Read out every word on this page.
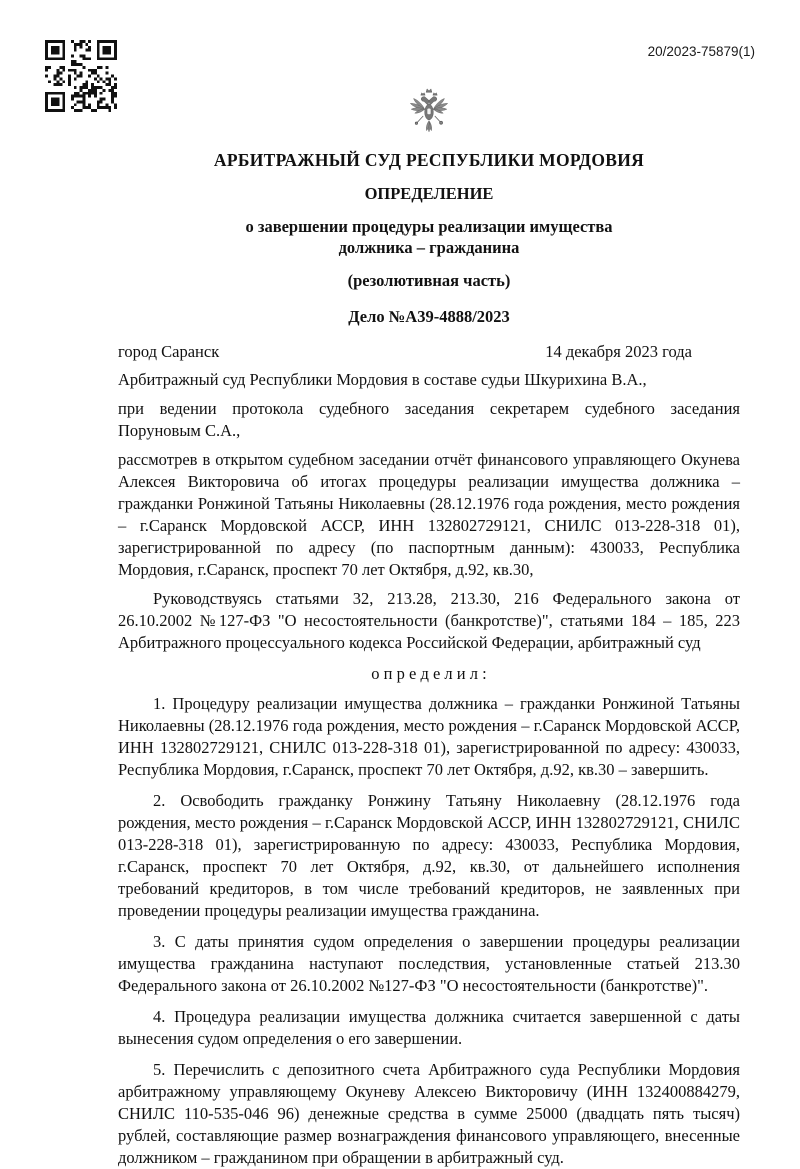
20/2023-75879(1)
АРБИТРАЖНЫЙ СУД РЕСПУБЛИКИ МОРДОВИЯ
ОПРЕДЕЛЕНИЕ
о завершении процедуры реализации имущества должника – гражданина
(резолютивная часть)
Дело №А39-4888/2023
город Саранск	14 декабря 2023 года

Арбитражный суд Республики Мордовия в составе судьи Шкурихина В.А.,

при ведении протокола судебного заседания секретарем судебного заседания Поруновым С.А.,

рассмотрев в открытом судебном заседании отчёт финансового управляющего Окунева Алексея Викторовича об итогах процедуры реализации имущества должника – гражданки Ронжиной Татьяны Николаевны (28.12.1976 года рождения, место рождения – г.Саранск Мордовской АССР, ИНН 132802729121, СНИЛС 013-228-318 01), зарегистрированной по адресу (по паспортным данным): 430033, Республика Мордовия, г.Саранск, проспект 70 лет Октября, д.92, кв.30,

Руководствуясь статьями 32, 213.28, 213.30, 216 Федерального закона от 26.10.2002 №127-ФЗ "О несостоятельности (банкротстве)", статьями 184 – 185, 223 Арбитражного процессуального кодекса Российской Федерации, арбитражный суд

о п р е д е л и л :

1. Процедуру реализации имущества должника – гражданки Ронжиной Татьяны Николаевны (28.12.1976 года рождения, место рождения – г.Саранск Мордовской АССР, ИНН 132802729121, СНИЛС 013-228-318 01), зарегистрированной по адресу: 430033, Республика Мордовия, г.Саранск, проспект 70 лет Октября, д.92, кв.30 – завершить.

2. Освободить гражданку Ронжину Татьяну Николаевну (28.12.1976 года рождения, место рождения – г.Саранск Мордовской АССР, ИНН 132802729121, СНИЛС 013-228-318 01), зарегистрированную по адресу: 430033, Республика Мордовия, г.Саранск, проспект 70 лет Октября, д.92, кв.30, от дальнейшего исполнения требований кредиторов, в том числе требований кредиторов, не заявленных при проведении процедуры реализации имущества гражданина.

3. С даты принятия судом определения о завершении процедуры реализации имущества гражданина наступают последствия, установленные статьей 213.30 Федерального закона от 26.10.2002 №127-ФЗ "О несостоятельности (банкротстве)".

4. Процедура реализации имущества должника считается завершенной с даты вынесения судом определения о его завершении.

5. Перечислить с депозитного счета Арбитражного суда Республики Мордовия арбитражному управляющему Окуневу Алексею Викторовичу (ИНН 132400884279, СНИЛС 110-535-046 96) денежные средства в сумме 25000 (двадцать пять тысяч) рублей, составляющие размер вознаграждения финансового управляющего, внесенные должником – гражданином при обращении в арбитражный суд.
